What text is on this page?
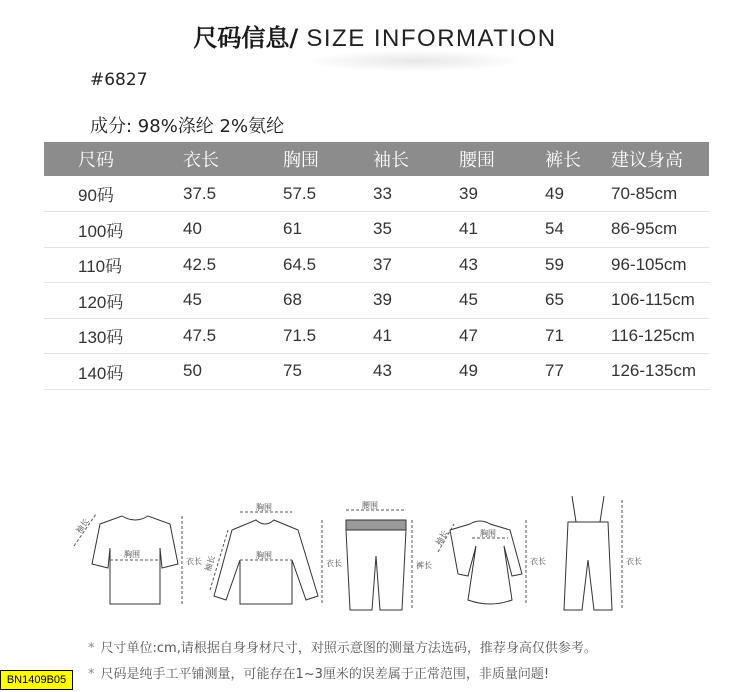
尺码信息/ SIZE INFORMATION
#6827
成分: 98%涤纶 2%氨纶
尺码	衣长	胸围	袖长	腰围	裤长	建议身高
90码	37.5	57.5	33	39	49	70-85cm
100码	40	61	35	41	54	86-95cm
110码	42.5	64.5	37	43	59	96-105cm
120码	45	68	39	45	65	106-115cm
130码	47.5	71.5	41	47	71	116-125cm
140码	50	75	43	49	77	126-135cm
袖长
胸围
衣长
胸围
胸围
袖长	衣长
腰围
裤长
胸围
袖长
衣长	衣长
* 尺寸单位:cm,请根据自身身材尺寸，对照示意图的测量方法选码，推荐身高仅供参考。
* 尺码是纯手工平铺测量，可能存在1~3厘米的误差属于正常范围，非质量问题!
BN1409B05
